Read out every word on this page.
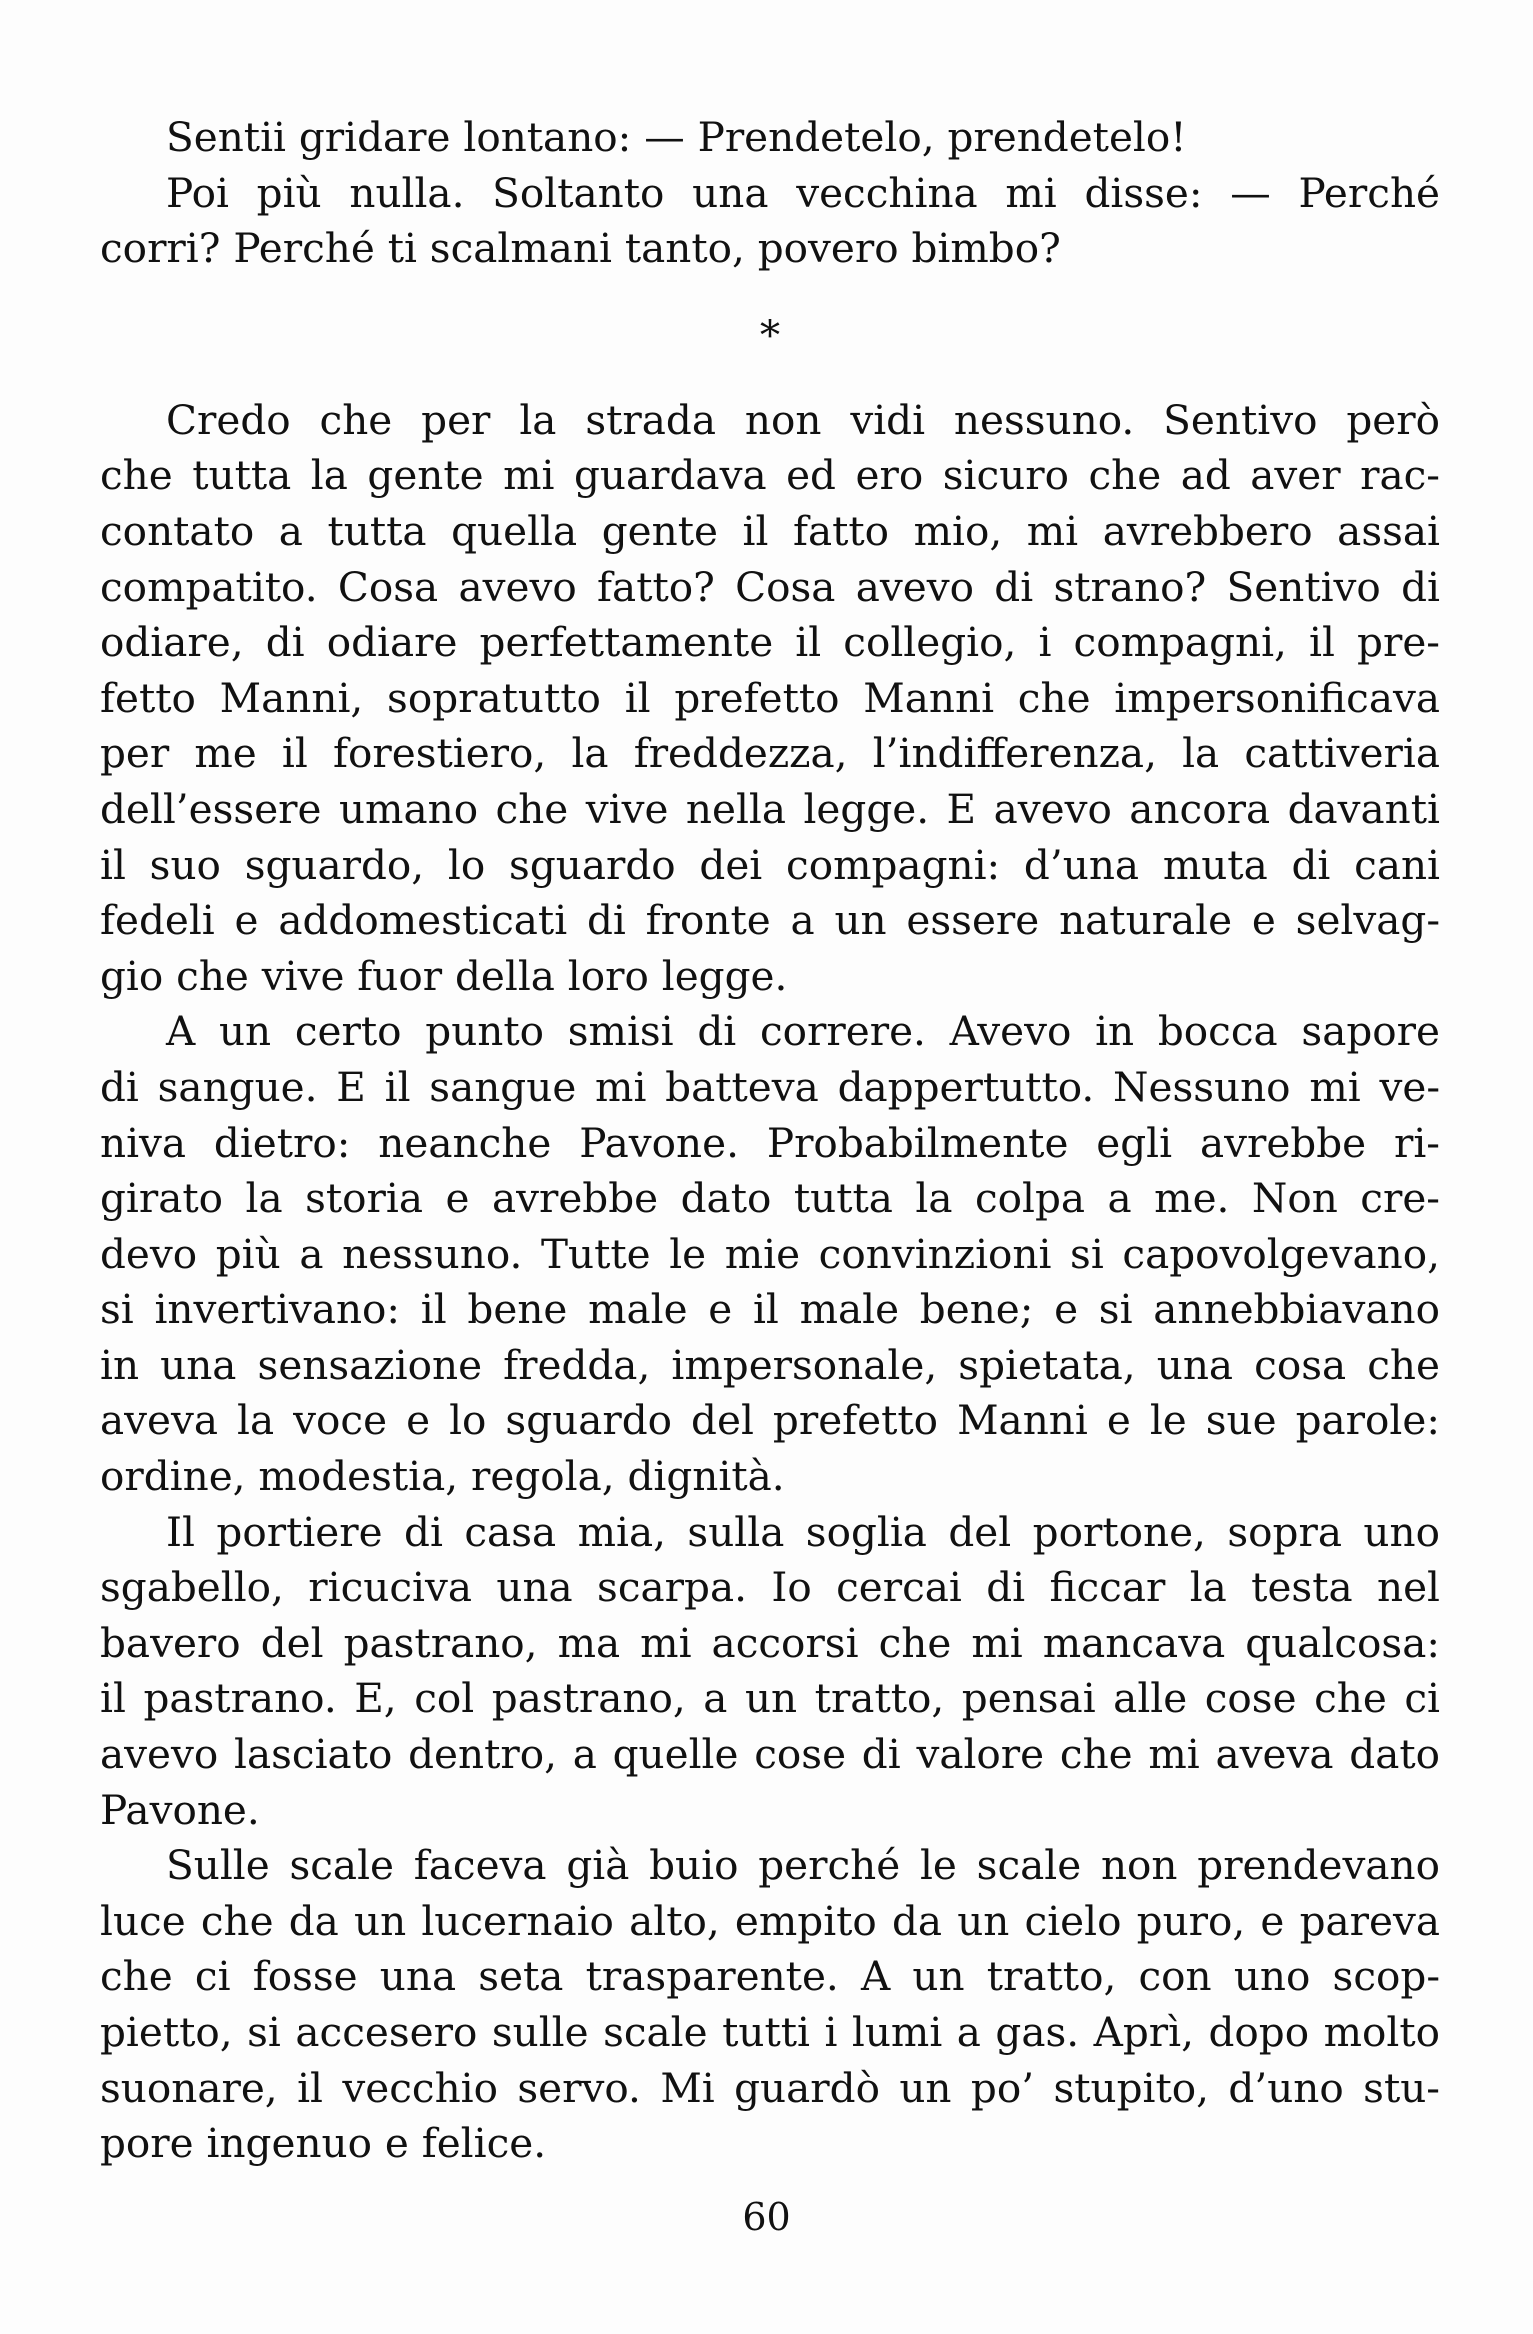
Sentii gridare lontano: — Prendetelo, prendetelo!
Poi più nulla. Soltanto una vecchina mi disse: — Perché
corri? Perché ti scalmani tanto, povero bimbo?
*
Credo che per la strada non vidi nessuno. Sentivo però
che tutta la gente mi guardava ed ero sicuro che ad aver rac-
contato a tutta quella gente il fatto mio, mi avrebbero assai
compatito. Cosa avevo fatto? Cosa avevo di strano? Sentivo di
odiare, di odiare perfettamente il collegio, i compagni, il pre-
fetto Manni, sopratutto il prefetto Manni che impersonificava
per me il forestiero, la freddezza, l’indifferenza, la cattiveria
dell’essere umano che vive nella legge. E avevo ancora davanti
il suo sguardo, lo sguardo dei compagni: d’una muta di cani
fedeli e addomesticati di fronte a un essere naturale e selvag-
gio che vive fuor della loro legge.
A un certo punto smisi di correre. Avevo in bocca sapore
di sangue. E il sangue mi batteva dappertutto. Nessuno mi ve-
niva dietro: neanche Pavone. Probabilmente egli avrebbe ri-
girato la storia e avrebbe dato tutta la colpa a me. Non cre-
devo più a nessuno. Tutte le mie convinzioni si capovolgevano,
si invertivano: il bene male e il male bene; e si annebbiavano
in una sensazione fredda, impersonale, spietata, una cosa che
aveva la voce e lo sguardo del prefetto Manni e le sue parole:
ordine, modestia, regola, dignità.
Il portiere di casa mia, sulla soglia del portone, sopra uno
sgabello, ricuciva una scarpa. Io cercai di ficcar la testa nel
bavero del pastrano, ma mi accorsi che mi mancava qualcosa:
il pastrano. E, col pastrano, a un tratto, pensai alle cose che ci
avevo lasciato dentro, a quelle cose di valore che mi aveva dato
Pavone.
Sulle scale faceva già buio perché le scale non prendevano
luce che da un lucernaio alto, empito da un cielo puro, e pareva
che ci fosse una seta trasparente. A un tratto, con uno scop-
pietto, si accesero sulle scale tutti i lumi a gas. Aprì, dopo molto
suonare, il vecchio servo. Mi guardò un po’ stupito, d’uno stu-
pore ingenuo e felice.
60
